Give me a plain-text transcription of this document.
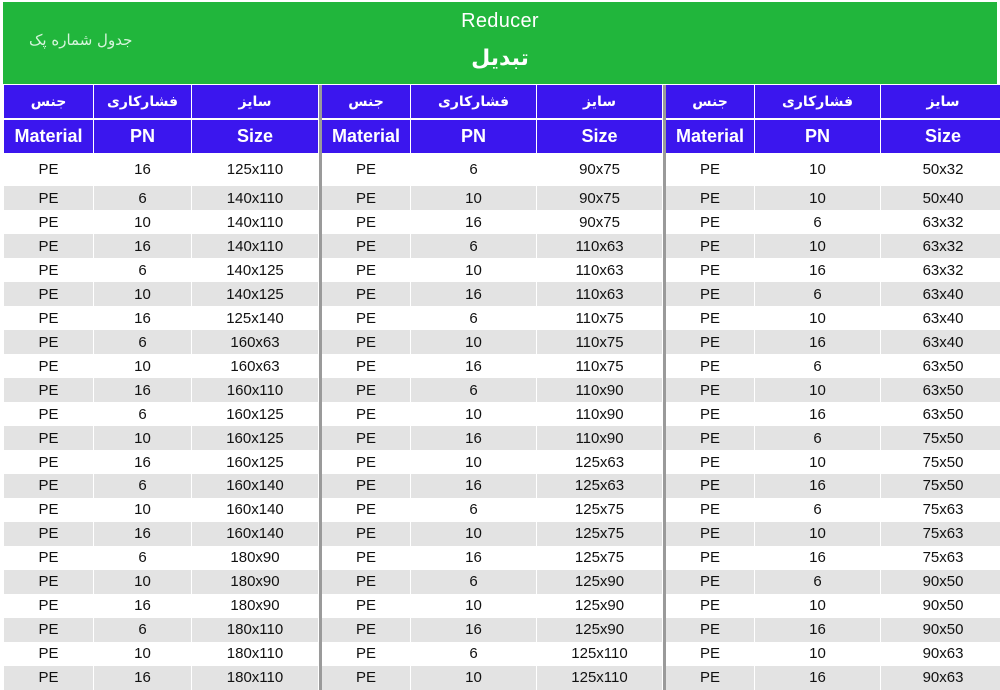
جدول شماره پک
Reducer
تبدیل
جنس	فشارکاری	سایز
Material	PN	Size
PE	16	125x110
PE	6	140x110
PE	10	140x110
PE	16	140x110
PE	6	140x125
PE	10	140x125
PE	16	125x140
PE	6	160x63
PE	10	160x63
PE	16	160x110
PE	6	160x125
PE	10	160x125
PE	16	160x125
PE	6	160x140
PE	10	160x140
PE	16	160x140
PE	6	180x90
PE	10	180x90
PE	16	180x90
PE	6	180x110
PE	10	180x110
PE	16	180x110
جنس	فشارکاری	سایز
Material	PN	Size
PE	6	90x75
PE	10	90x75
PE	16	90x75
PE	6	110x63
PE	10	110x63
PE	16	110x63
PE	6	110x75
PE	10	110x75
PE	16	110x75
PE	6	110x90
PE	10	110x90
PE	16	110x90
PE	10	125x63
PE	16	125x63
PE	6	125x75
PE	10	125x75
PE	16	125x75
PE	6	125x90
PE	10	125x90
PE	16	125x90
PE	6	125x110
PE	10	125x110
جنس	فشارکاری	سایز
Material	PN	Size
PE	10	50x32
PE	10	50x40
PE	6	63x32
PE	10	63x32
PE	16	63x32
PE	6	63x40
PE	10	63x40
PE	16	63x40
PE	6	63x50
PE	10	63x50
PE	16	63x50
PE	6	75x50
PE	10	75x50
PE	16	75x50
PE	6	75x63
PE	10	75x63
PE	16	75x63
PE	6	90x50
PE	10	90x50
PE	16	90x50
PE	10	90x63
PE	16	90x63
